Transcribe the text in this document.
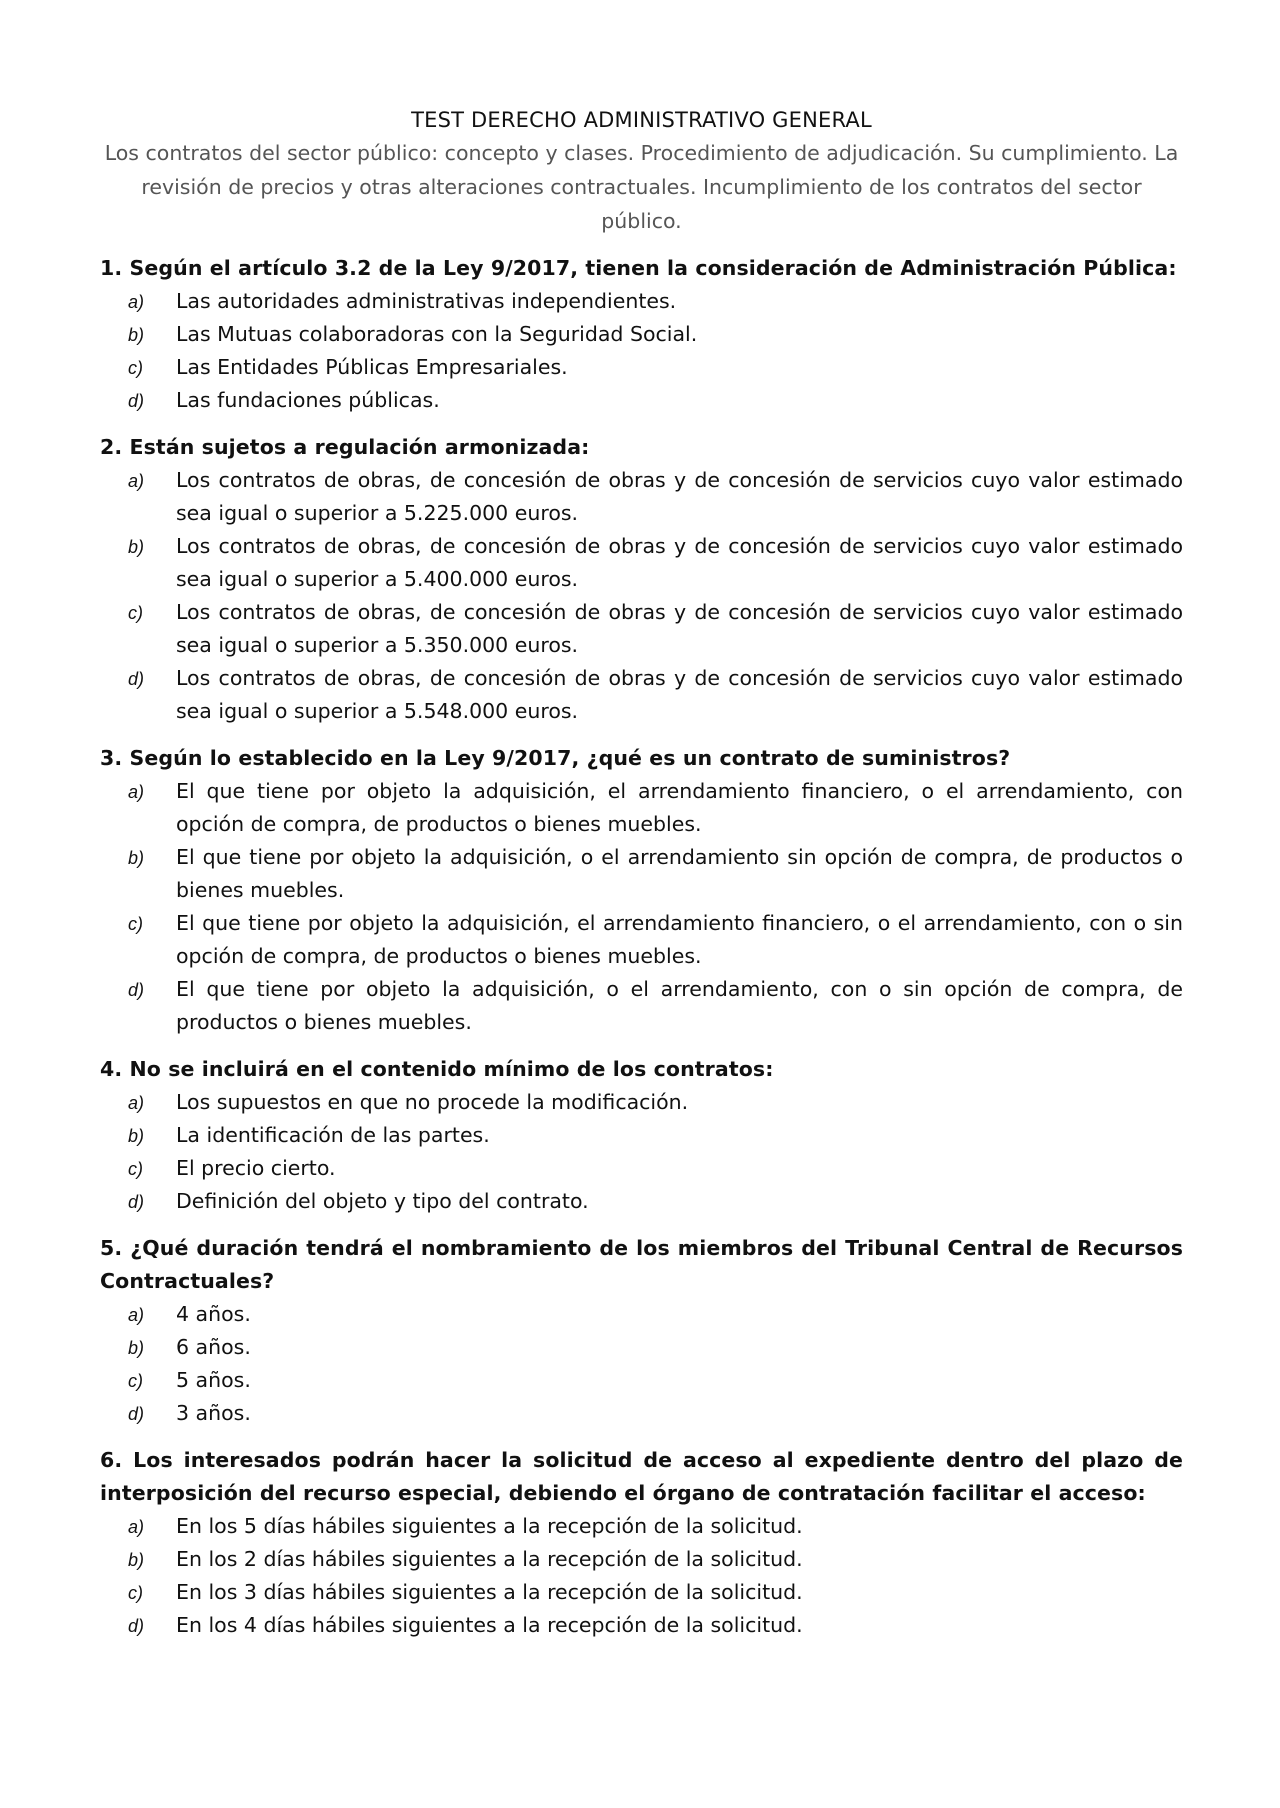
TEST DERECHO ADMINISTRATIVO GENERAL

Los contratos del sector público: concepto y clases. Procedimiento de adjudicación. Su cumplimiento. La revisión de precios y otras alteraciones contractuales. Incumplimiento de los contratos del sector público.

1. Según el artículo 3.2 de la Ley 9/2017, tienen la consideración de Administración Pública:

a) Las autoridades administrativas independientes.
b) Las Mutuas colaboradoras con la Seguridad Social.
c) Las Entidades Públicas Empresariales.
d) Las fundaciones públicas.

2. Están sujetos a regulación armonizada:

a) Los contratos de obras, de concesión de obras y de concesión de servicios cuyo valor estimado sea igual o superior a 5.225.000 euros.
b) Los contratos de obras, de concesión de obras y de concesión de servicios cuyo valor estimado sea igual o superior a 5.400.000 euros.
c) Los contratos de obras, de concesión de obras y de concesión de servicios cuyo valor estimado sea igual o superior a 5.350.000 euros.
d) Los contratos de obras, de concesión de obras y de concesión de servicios cuyo valor estimado sea igual o superior a 5.548.000 euros.

3. Según lo establecido en la Ley 9/2017, ¿qué es un contrato de suministros?

a) El que tiene por objeto la adquisición, el arrendamiento financiero, o el arrendamiento, con opción de compra, de productos o bienes muebles.
b) El que tiene por objeto la adquisición, o el arrendamiento sin opción de compra, de productos o bienes muebles.
c) El que tiene por objeto la adquisición, el arrendamiento financiero, o el arrendamiento, con o sin opción de compra, de productos o bienes muebles.
d) El que tiene por objeto la adquisición, o el arrendamiento, con o sin opción de compra, de productos o bienes muebles.

4. No se incluirá en el contenido mínimo de los contratos:

a) Los supuestos en que no procede la modificación.
b) La identificación de las partes.
c) El precio cierto.
d) Definición del objeto y tipo del contrato.

5. ¿Qué duración tendrá el nombramiento de los miembros del Tribunal Central de Recursos Contractuales?

a) 4 años.
b) 6 años.
c) 5 años.
d) 3 años.

6. Los interesados podrán hacer la solicitud de acceso al expediente dentro del plazo de interposición del recurso especial, debiendo el órgano de contratación facilitar el acceso:

a) En los 5 días hábiles siguientes a la recepción de la solicitud.
b) En los 2 días hábiles siguientes a la recepción de la solicitud.
c) En los 3 días hábiles siguientes a la recepción de la solicitud.
d) En los 4 días hábiles siguientes a la recepción de la solicitud.
